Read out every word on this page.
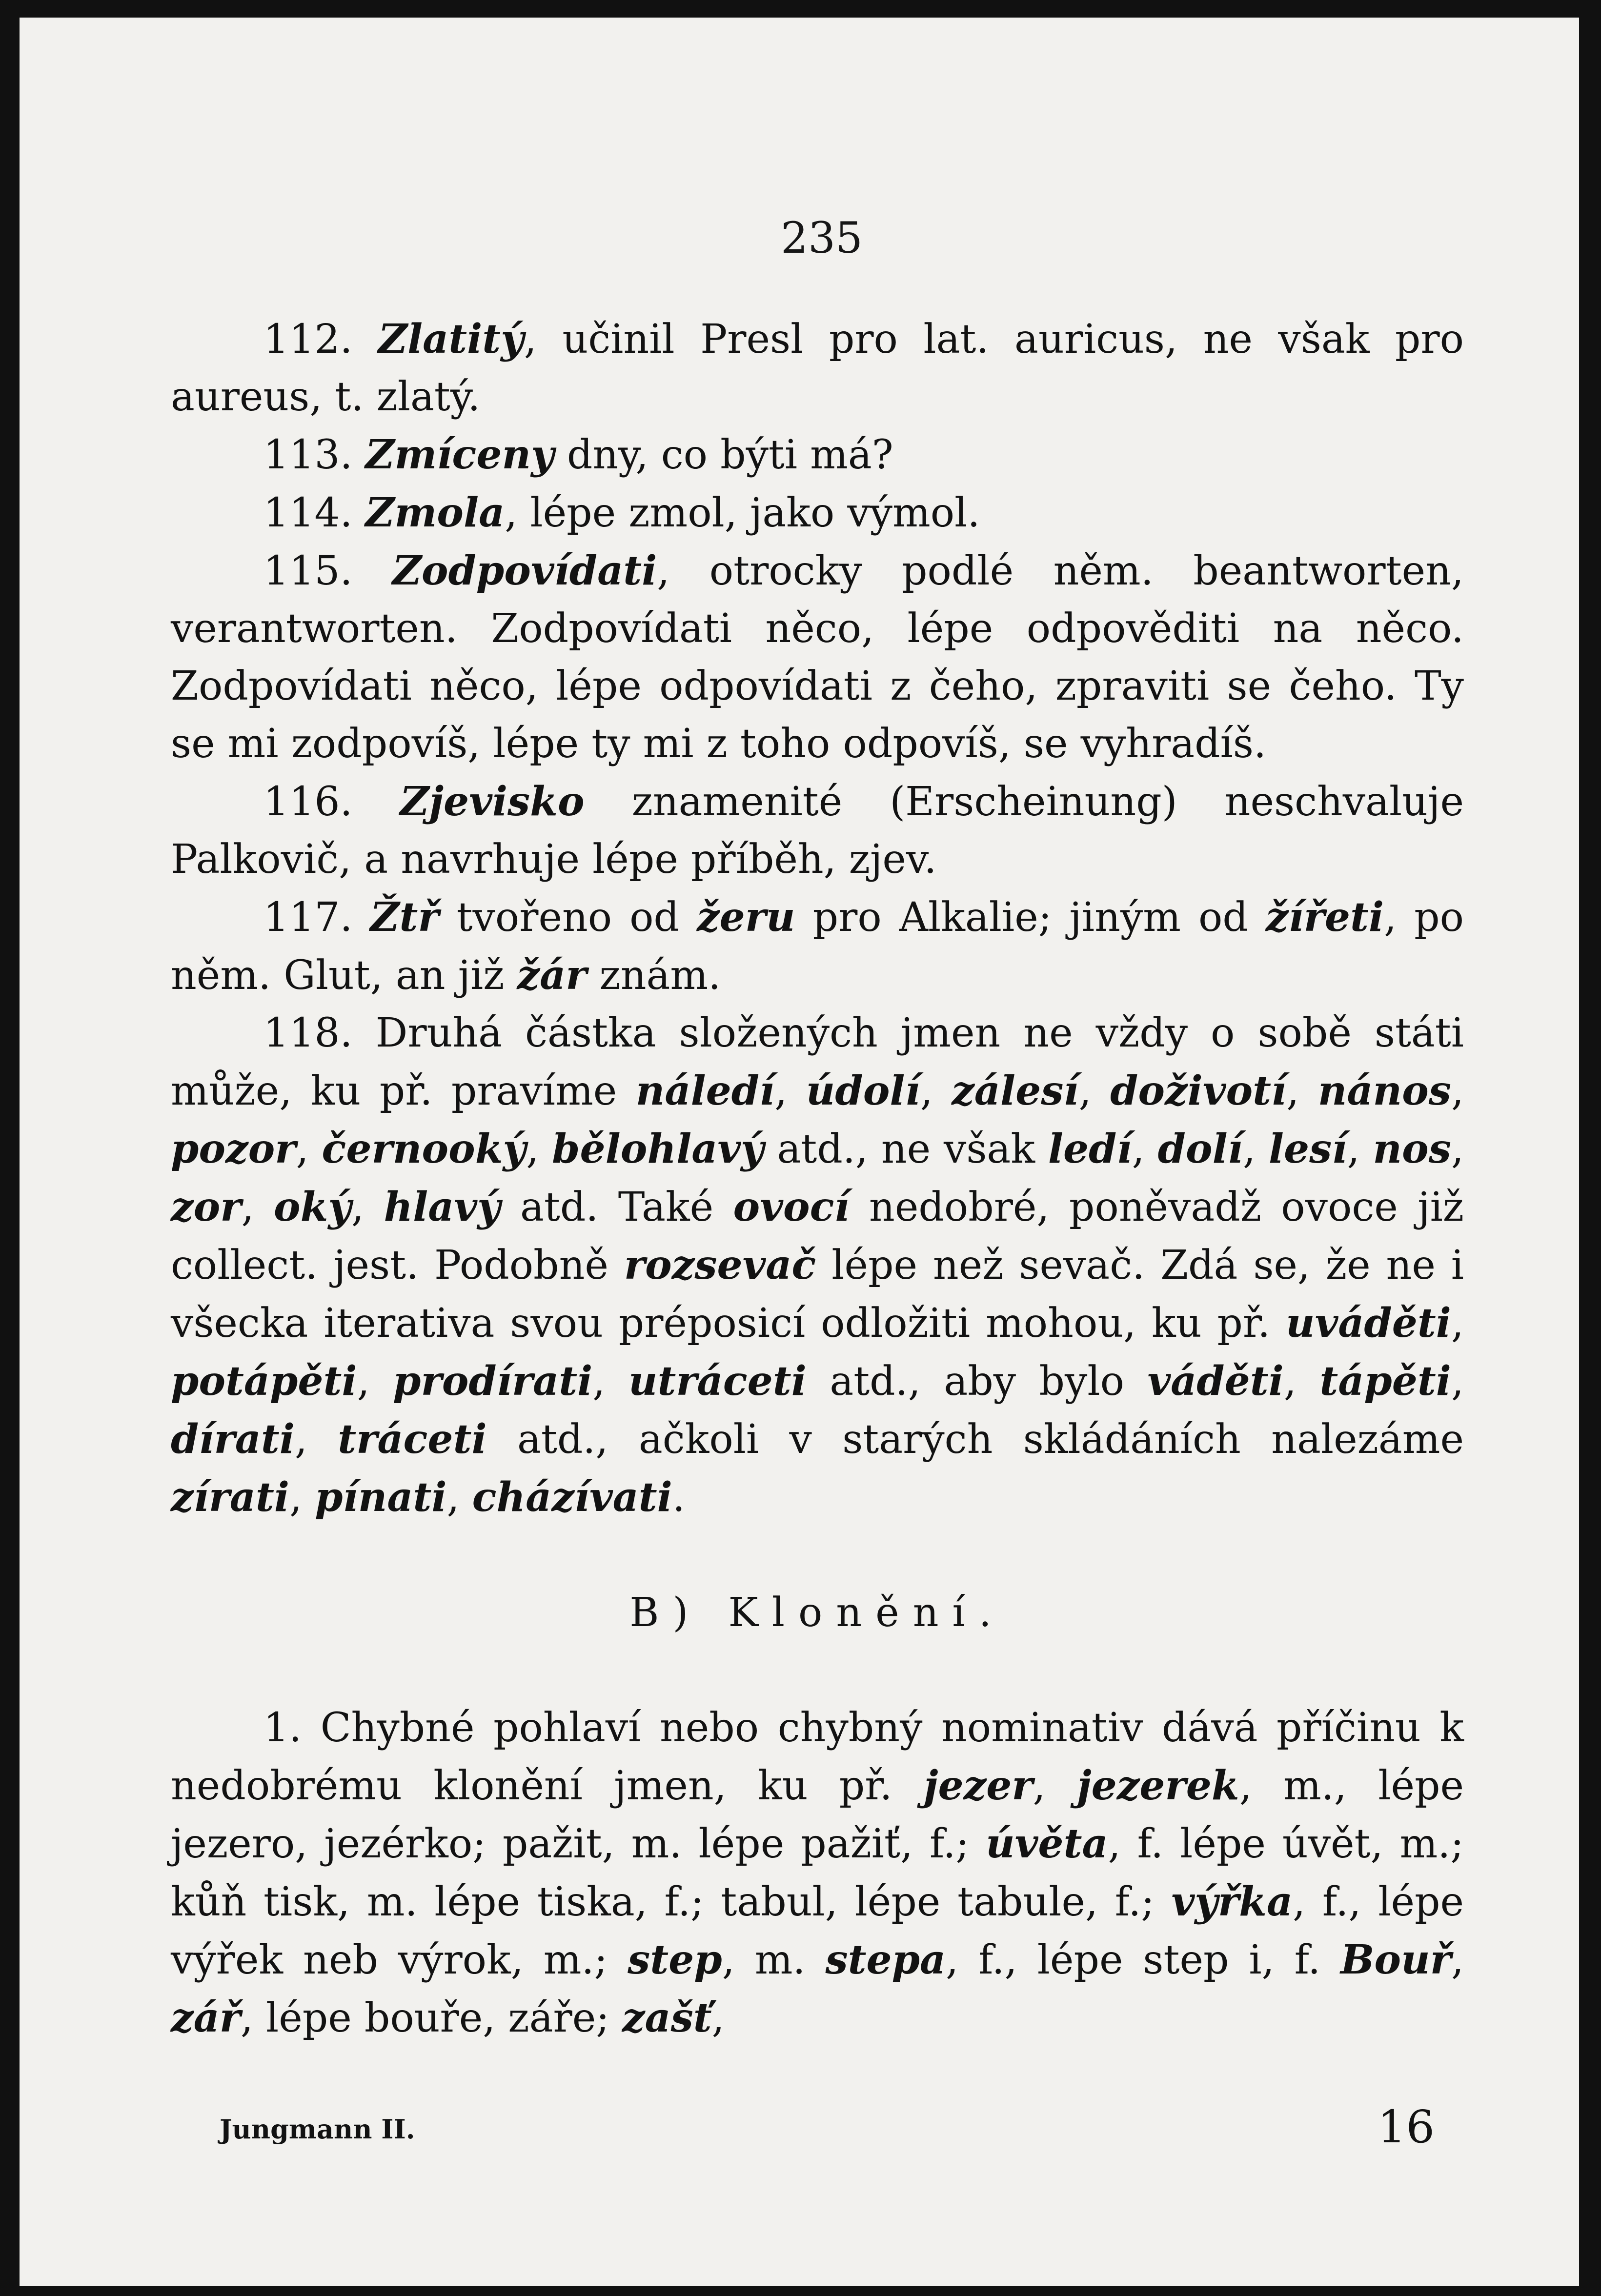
235

112. Zlatitý, učinil Presl pro lat. auricus, ne však pro aureus, t. zlatý.

113. Zmíceny dny, co býti má?

114. Zmola, lépe zmol, jako výmol.

115. Zodpovídati, otrocky podlé něm. beantworten, verantworten. Zodpovídati něco, lépe odpověditi na něco. Zodpovídati něco, lépe odpovídati z čeho, zpraviti se čeho. Ty se mi zodpovíš, lépe ty mi z toho odpovíš, se vyhradíš.

116. Zjevisko znamenité (Erscheinung) neschvaluje Palkovič, a navrhuje lépe příběh, zjev.

117. Žtř tvořeno od žeru pro Alkalie; jiným od žířeti, po něm. Glut, an již žár znám.

118. Druhá částka složených jmen ne vždy o sobě státi může, ku př. pravíme náledí, údolí, zálesí, doživotí, nános, pozor, černooký, bělohlavý atd., ne však ledí, dolí, lesí, nos, zor, oký, hlavý atd. Také ovocí nedobré, poněvadž ovoce již collect. jest. Podobně rozsevač lépe než sevač. Zdá se, že ne i všecka iterativa svou préposicí odložiti mohou, ku př. uváděti, potápěti, prodírati, utráceti atd., aby bylo váděti, tápěti, dírati, tráceti atd., ačkoli v starých skládáních nalezáme zírati, pínati, cházívati.

B) Klonění.

1. Chybné pohlaví nebo chybný nominativ dává příčinu k nedobrému klonění jmen, ku př. jezer, jezerek, m., lépe jezero, jezérko; pažit, m. lépe pažiť, f.; úvěta, f. lépe úvět, m.; kůň tisk, m. lépe tiska, f.; tabul, lépe tabule, f.; výřka, f., lépe výřek neb výrok, m.; step, m. stepa, f., lépe step i, f. Bouř, zář, lépe bouře, záře; zašť,

Jungmann II.	16
